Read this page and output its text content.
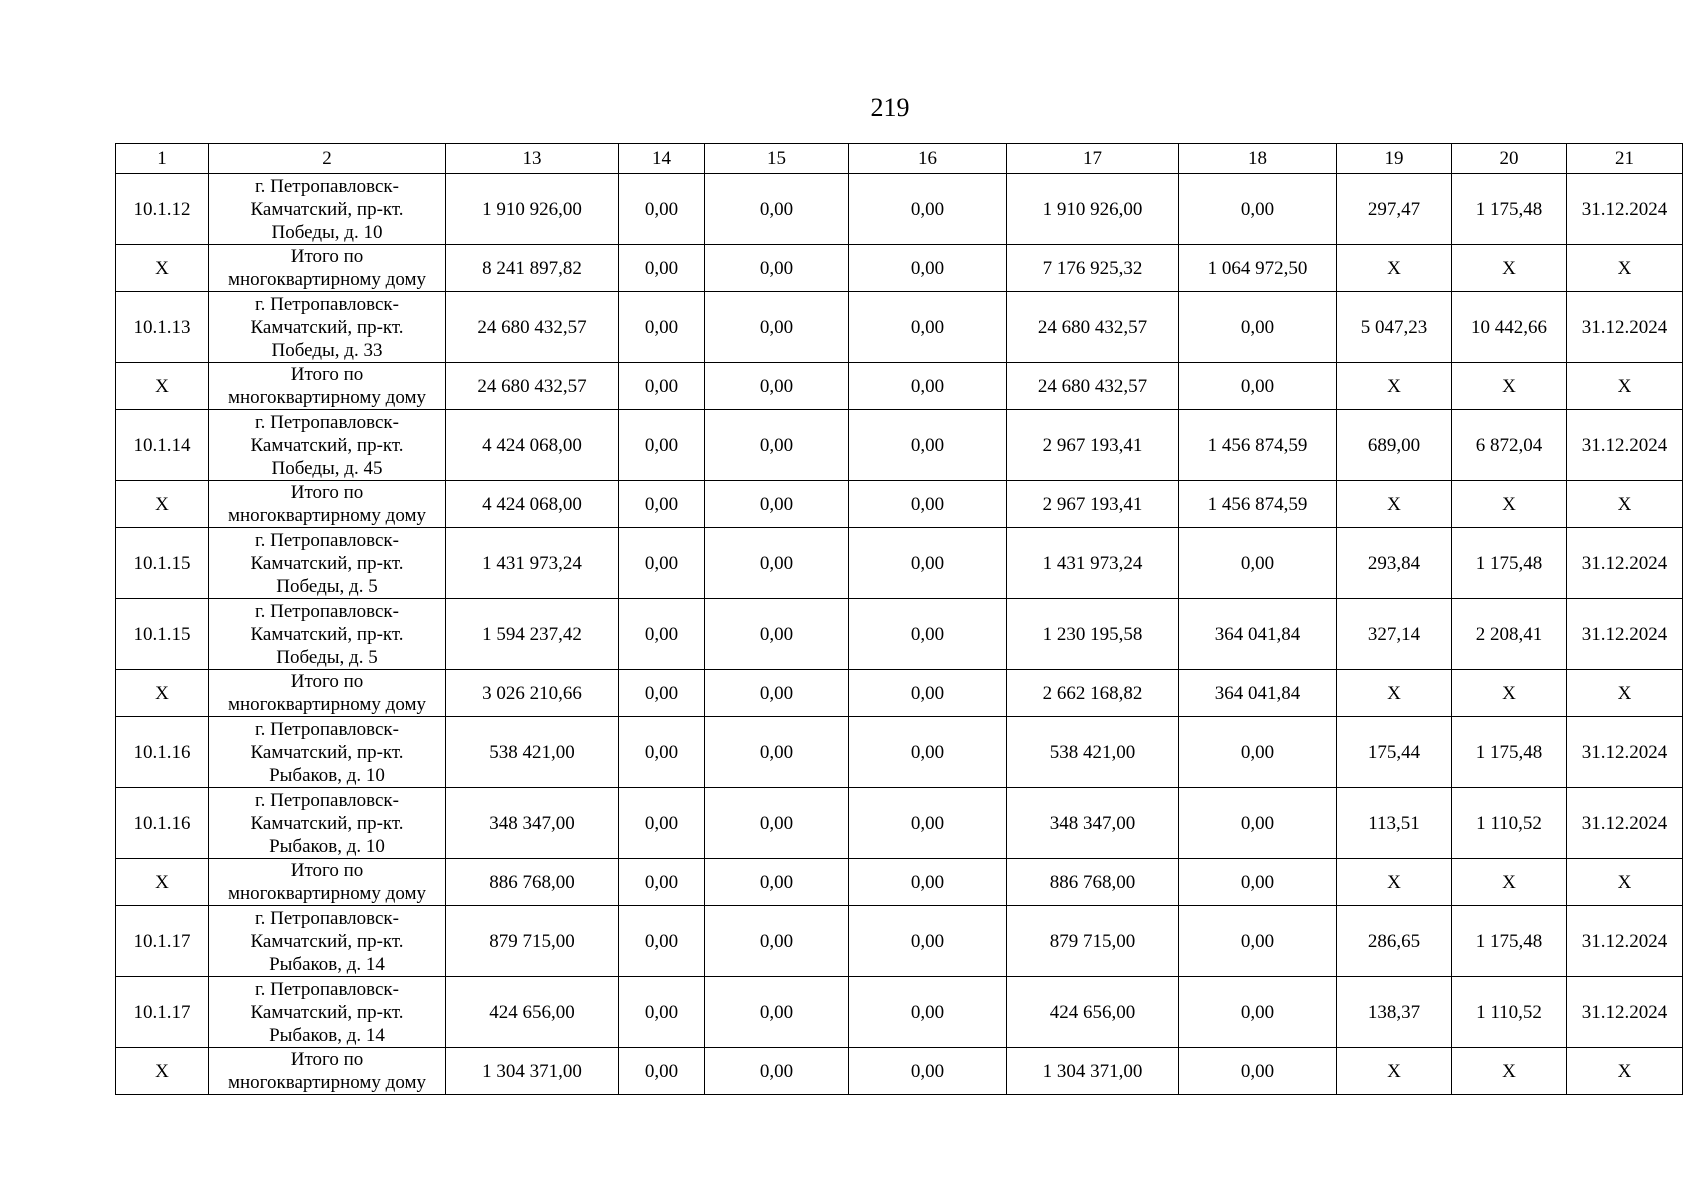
219
1	2	13	14	15	16	17	18	19	20	21
10.1.12	г. Петропавловск-
Камчатский, пр-кт.
Победы, д. 10	1 910 926,00	0,00	0,00	0,00	1 910 926,00	0,00	297,47	1 175,48	31.12.2024
X	Итого по
многоквартирному дому	8 241 897,82	0,00	0,00	0,00	7 176 925,32	1 064 972,50	X	X	X
10.1.13	г. Петропавловск-
Камчатский, пр-кт.
Победы, д. 33	24 680 432,57	0,00	0,00	0,00	24 680 432,57	0,00	5 047,23	10 442,66	31.12.2024
X	Итого по
многоквартирному дому	24 680 432,57	0,00	0,00	0,00	24 680 432,57	0,00	X	X	X
10.1.14	г. Петропавловск-
Камчатский, пр-кт.
Победы, д. 45	4 424 068,00	0,00	0,00	0,00	2 967 193,41	1 456 874,59	689,00	6 872,04	31.12.2024
X	Итого по
многоквартирному дому	4 424 068,00	0,00	0,00	0,00	2 967 193,41	1 456 874,59	X	X	X
10.1.15	г. Петропавловск-
Камчатский, пр-кт.
Победы, д. 5	1 431 973,24	0,00	0,00	0,00	1 431 973,24	0,00	293,84	1 175,48	31.12.2024
10.1.15	г. Петропавловск-
Камчатский, пр-кт.
Победы, д. 5	1 594 237,42	0,00	0,00	0,00	1 230 195,58	364 041,84	327,14	2 208,41	31.12.2024
X	Итого по
многоквартирному дому	3 026 210,66	0,00	0,00	0,00	2 662 168,82	364 041,84	X	X	X
10.1.16	г. Петропавловск-
Камчатский, пр-кт.
Рыбаков, д. 10	538 421,00	0,00	0,00	0,00	538 421,00	0,00	175,44	1 175,48	31.12.2024
10.1.16	г. Петропавловск-
Камчатский, пр-кт.
Рыбаков, д. 10	348 347,00	0,00	0,00	0,00	348 347,00	0,00	113,51	1 110,52	31.12.2024
X	Итого по
многоквартирному дому	886 768,00	0,00	0,00	0,00	886 768,00	0,00	X	X	X
10.1.17	г. Петропавловск-
Камчатский, пр-кт.
Рыбаков, д. 14	879 715,00	0,00	0,00	0,00	879 715,00	0,00	286,65	1 175,48	31.12.2024
10.1.17	г. Петропавловск-
Камчатский, пр-кт.
Рыбаков, д. 14	424 656,00	0,00	0,00	0,00	424 656,00	0,00	138,37	1 110,52	31.12.2024
X	Итого по
многоквартирному дому	1 304 371,00	0,00	0,00	0,00	1 304 371,00	0,00	X	X	X
